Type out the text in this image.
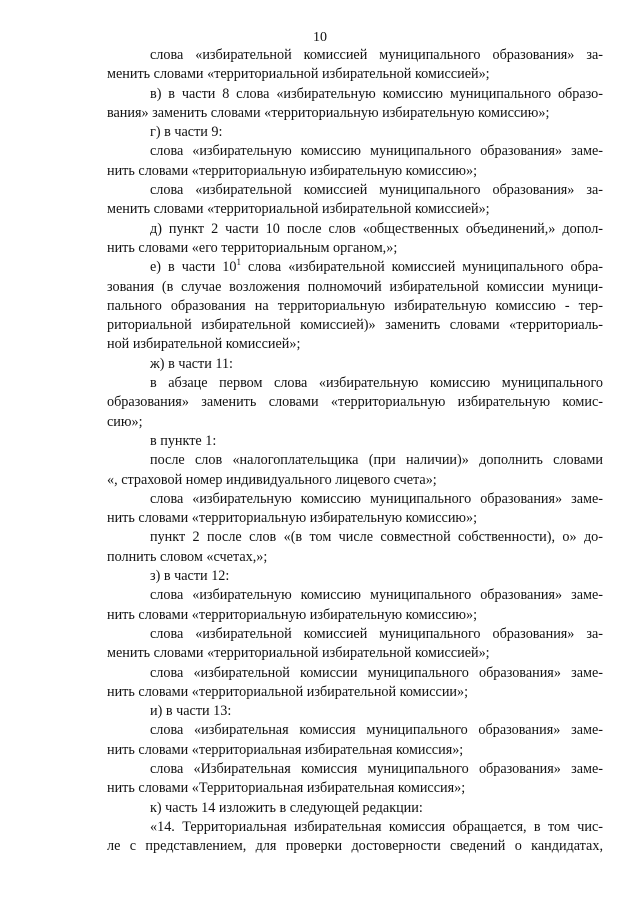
10
слова «избирательной комиссией муниципального образования» за-
менить словами «территориальной избирательной комиссией»;
в) в части 8 слова «избирательную комиссию муниципального образо-
вания» заменить словами «территориальную избирательную комиссию»;
г) в части 9:
слова «избирательную комиссию муниципального образования» заме-
нить словами «территориальную избирательную комиссию»;
слова «избирательной комиссией муниципального образования» за-
менить словами «территориальной избирательной комиссией»;
д) пункт 2 части 10 после слов «общественных объединений,» допол-
нить словами «его территориальным органом,»;
е) в части $10^1$ слова «избирательной комиссией муниципального обра-
зования (в случае возложения полномочий избирательной комиссии муници-
пального образования на территориальную избирательную комиссию - тер-
риториальной избирательной комиссией)» заменить словами «территориаль-
ной избирательной комиссией»;
ж) в части 11:
в абзаце первом слова «избирательную комиссию муниципального
образования» заменить словами «территориальную избирательную комис-
сию»;
в пункте 1:
после слов «налогоплательщика (при наличии)» дополнить словами
«, страховой номер индивидуального лицевого счета»;
слова «избирательную комиссию муниципального образования» заме-
нить словами «территориальную избирательную комиссию»;
пункт 2 после слов «(в том числе совместной собственности), о» до-
полнить словом «счетах,»;
з) в части 12:
слова «избирательную комиссию муниципального образования» заме-
нить словами «территориальную избирательную комиссию»;
слова «избирательной комиссией муниципального образования» за-
менить словами «территориальной избирательной комиссией»;
слова «избирательной комиссии муниципального образования» заме-
нить словами «территориальной избирательной комиссии»;
и) в части 13:
слова «избирательная комиссия муниципального образования» заме-
нить словами «территориальная избирательная комиссия»;
слова «Избирательная комиссия муниципального образования» заме-
нить словами «Территориальная избирательная комиссия»;
к) часть 14 изложить в следующей редакции:
«14. Территориальная избирательная комиссия обращается, в том чис-
ле с представлением, для проверки достоверности сведений о кандидатах,
